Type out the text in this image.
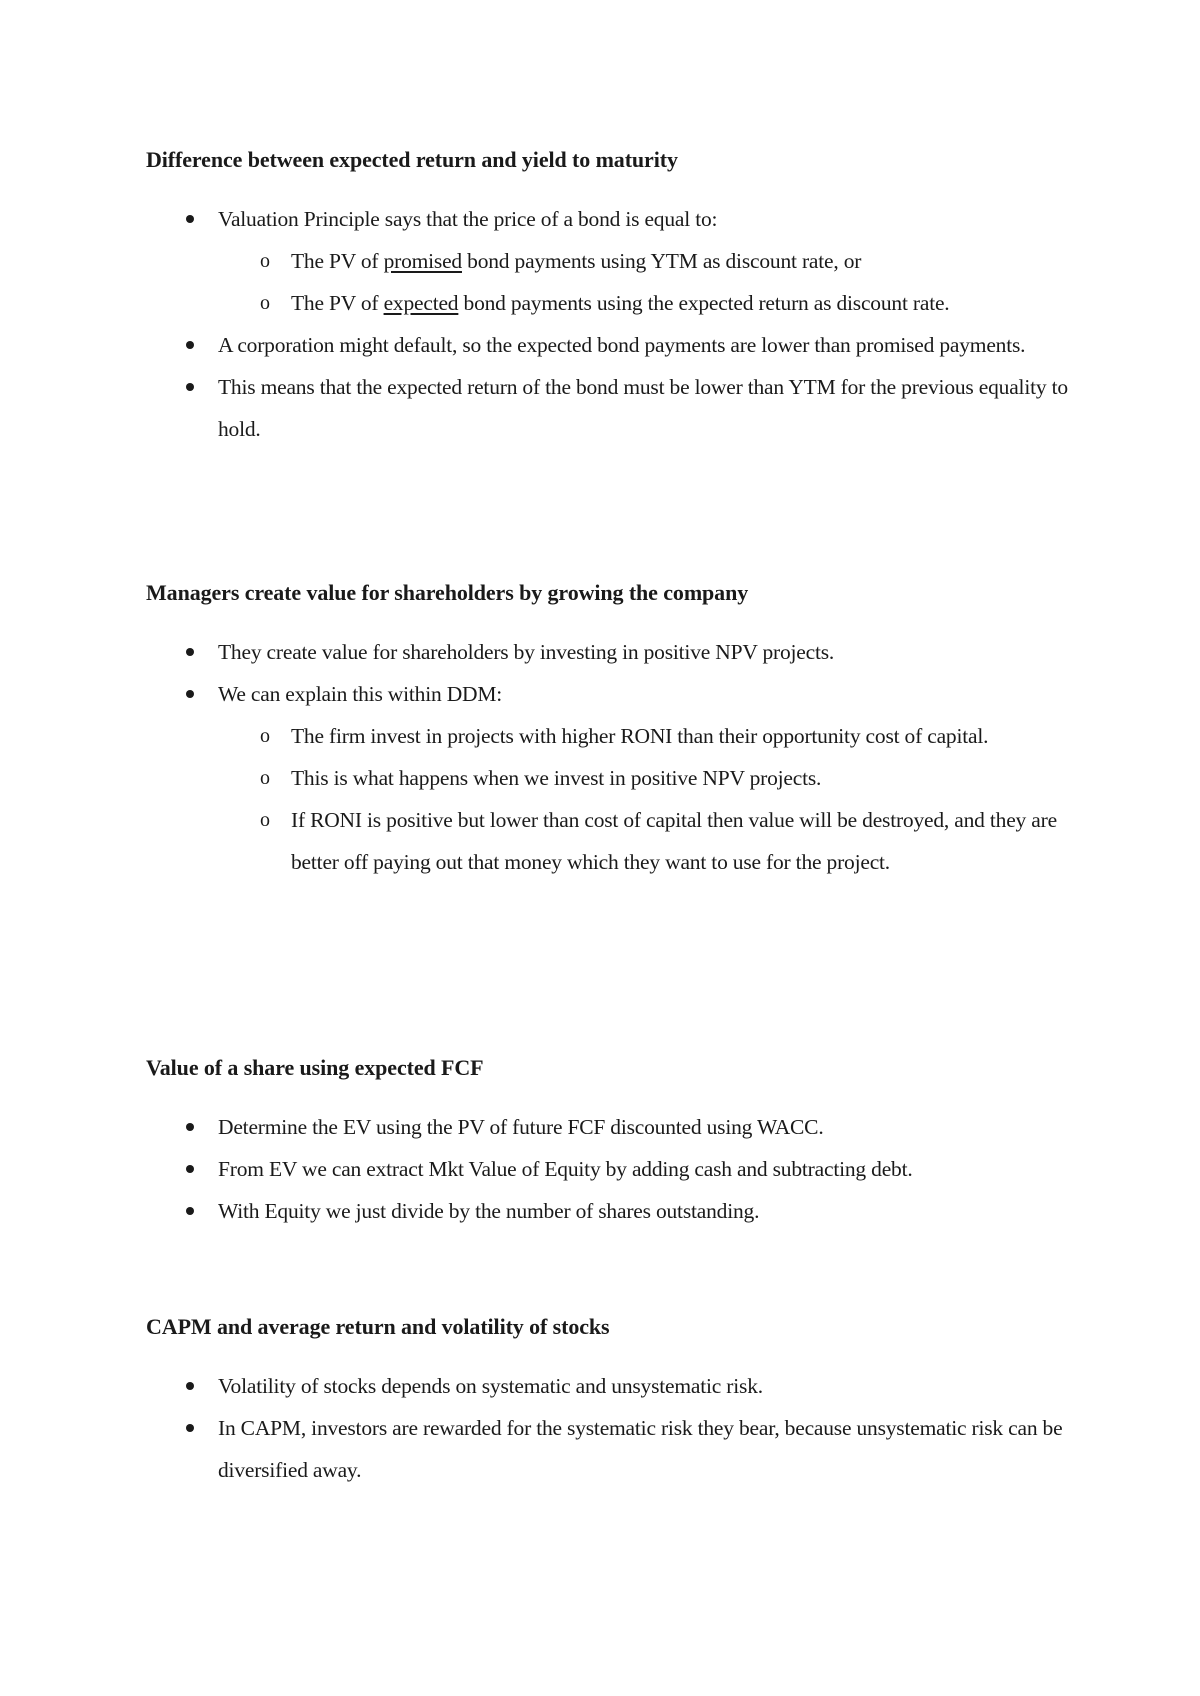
Difference between expected return and yield to maturity
Valuation Principle says that the price of a bond is equal to:
o The PV of promised bond payments using YTM as discount rate, or
o The PV of expected bond payments using the expected return as discount rate.
A corporation might default, so the expected bond payments are lower than promised payments.
This means that the expected return of the bond must be lower than YTM for the previous equality to hold.
Managers create value for shareholders by growing the company
They create value for shareholders by investing in positive NPV projects.
We can explain this within DDM:
o The firm invest in projects with higher RONI than their opportunity cost of capital.
o This is what happens when we invest in positive NPV projects.
o If RONI is positive but lower than cost of capital then value will be destroyed, and they are better off paying out that money which they want to use for the project.
Value of a share using expected FCF
Determine the EV using the PV of future FCF discounted using WACC.
From EV we can extract Mkt Value of Equity by adding cash and subtracting debt.
With Equity we just divide by the number of shares outstanding.
CAPM and average return and volatility of stocks
Volatility of stocks depends on systematic and unsystematic risk.
In CAPM, investors are rewarded for the systematic risk they bear, because unsystematic risk can be diversified away.
